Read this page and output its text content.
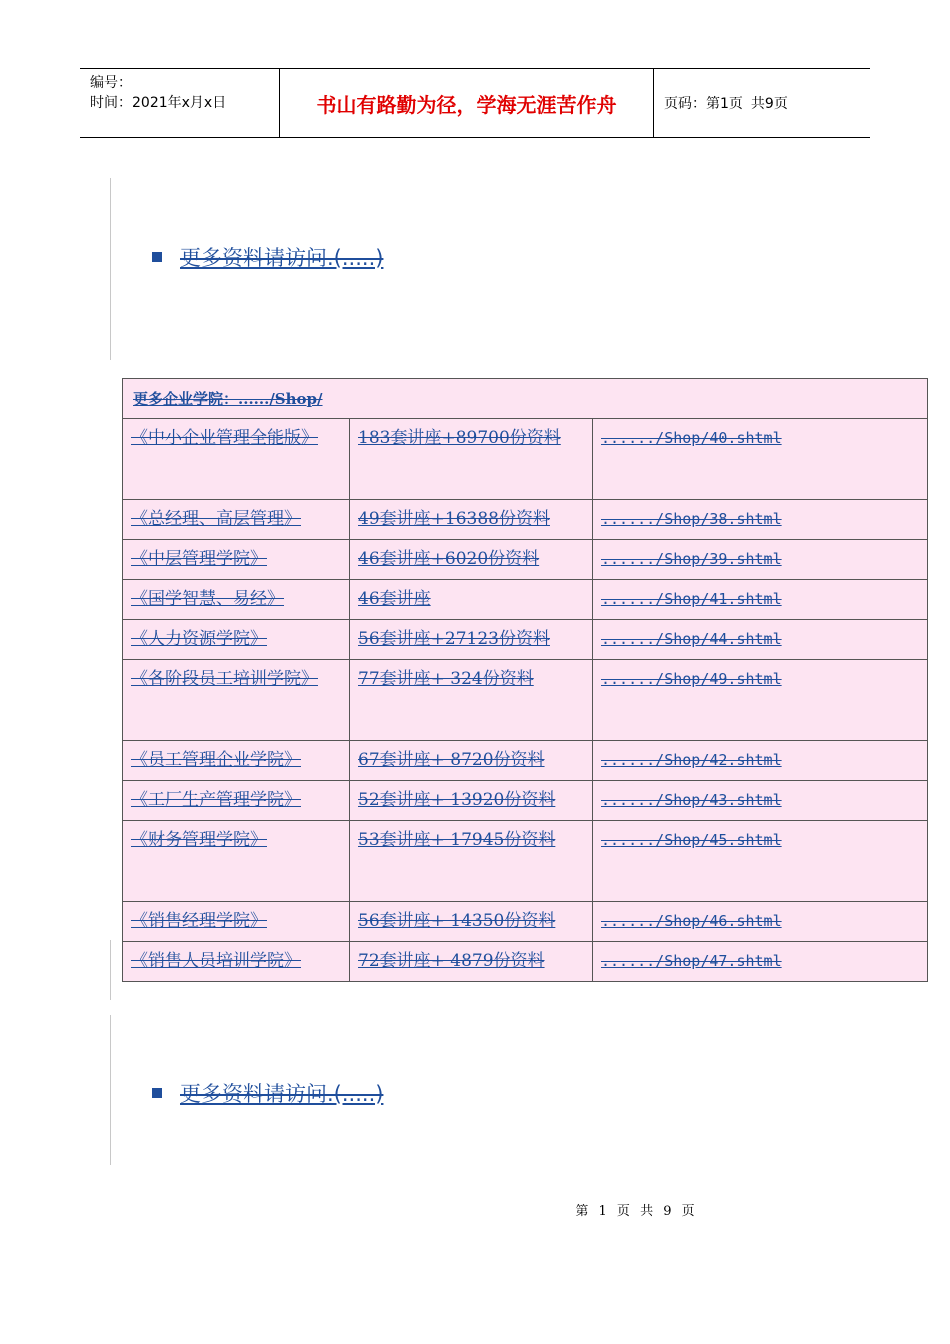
编号：
时间：2021年x月x日	书山有路勤为径，学海无涯苦作舟	页码：第1页 共9页
更多资料请访问.(.....)
更多企业学院：....../Shop/
《中小企业管理全能版》	183套讲座+89700份资料	....../Shop/40.shtml
《总经理、高层管理》	49套讲座+16388份资料	....../Shop/38.shtml
《中层管理学院》	46套讲座+6020份资料	....../Shop/39.shtml
《国学智慧、易经》	46套讲座	....../Shop/41.shtml
《人力资源学院》	56套讲座+27123份资料	....../Shop/44.shtml
《各阶段员工培训学院》	77套讲座+ 324份资料	....../Shop/49.shtml
《员工管理企业学院》	67套讲座+ 8720份资料	....../Shop/42.shtml
《工厂生产管理学院》	52套讲座+ 13920份资料	....../Shop/43.shtml
《财务管理学院》	53套讲座+ 17945份资料	....../Shop/45.shtml
《销售经理学院》	56套讲座+ 14350份资料	....../Shop/46.shtml
《销售人员培训学院》	72套讲座+ 4879份资料	....../Shop/47.shtml
更多资料请访问.(.....)
第 1 页 共 9 页
